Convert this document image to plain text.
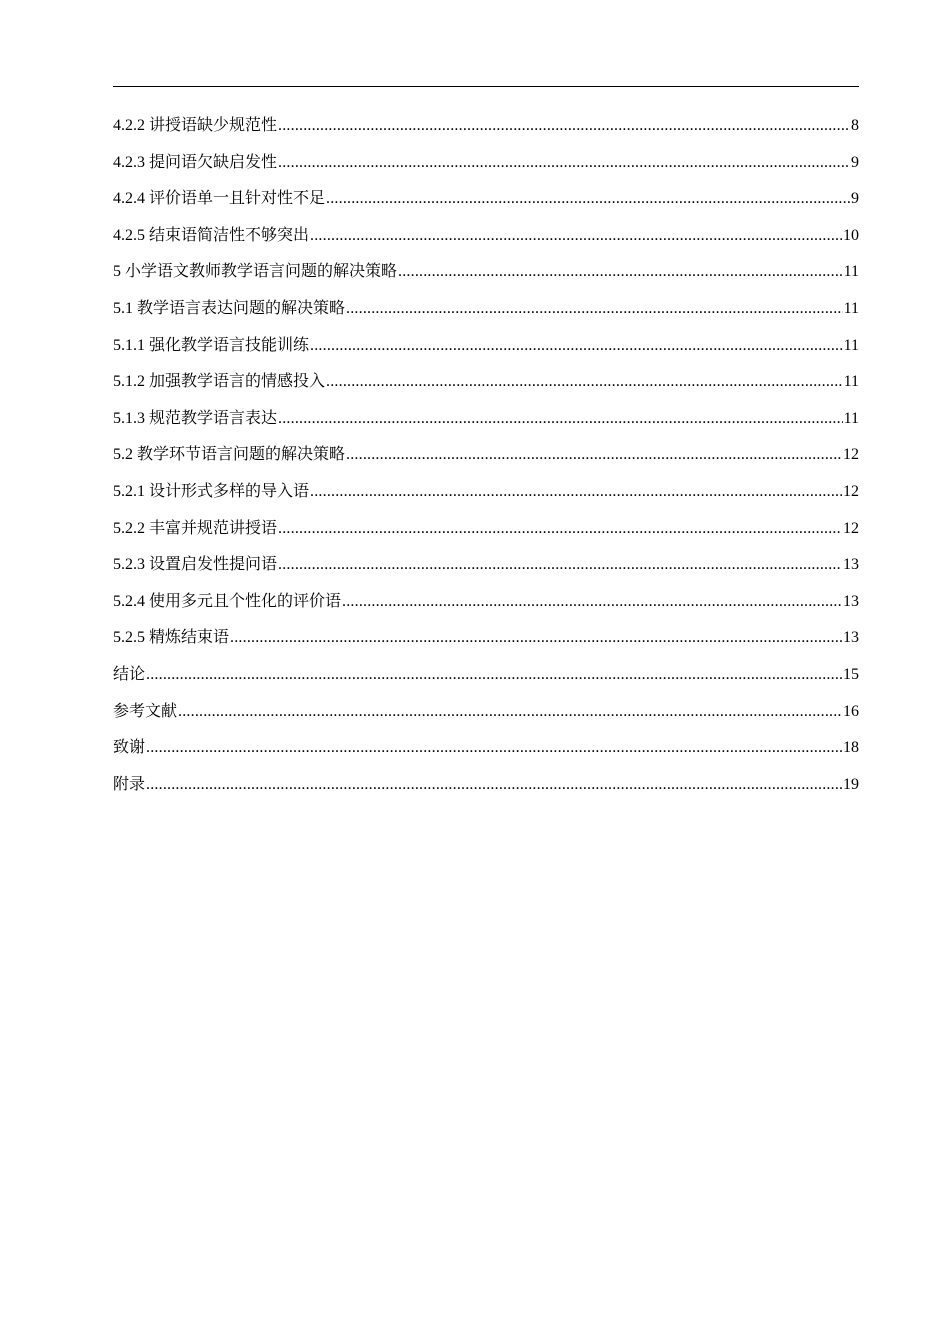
4.2.2 讲授语缺少规范性 .....	8
4.2.3 提问语欠缺启发性 .....	9
4.2.4 评价语单一且针对性不足 .....	9
4.2.5 结束语简洁性不够突出 .....	10
5 小学语文教师教学语言问题的解决策略 .....	11
5.1 教学语言表达问题的解决策略 .....	11
5.1.1 强化教学语言技能训练 .....	11
5.1.2 加强教学语言的情感投入 .....	11
5.1.3 规范教学语言表达 .....	11
5.2 教学环节语言问题的解决策略 .....	12
5.2.1 设计形式多样的导入语 .....	12
5.2.2 丰富并规范讲授语 .....	12
5.2.3 设置启发性提问语 .....	13
5.2.4 使用多元且个性化的评价语 .....	13
5.2.5 精炼结束语 .....	13
结论 .....	15
参考文献 .....	16
致谢 .....	18
附录 .....	19
